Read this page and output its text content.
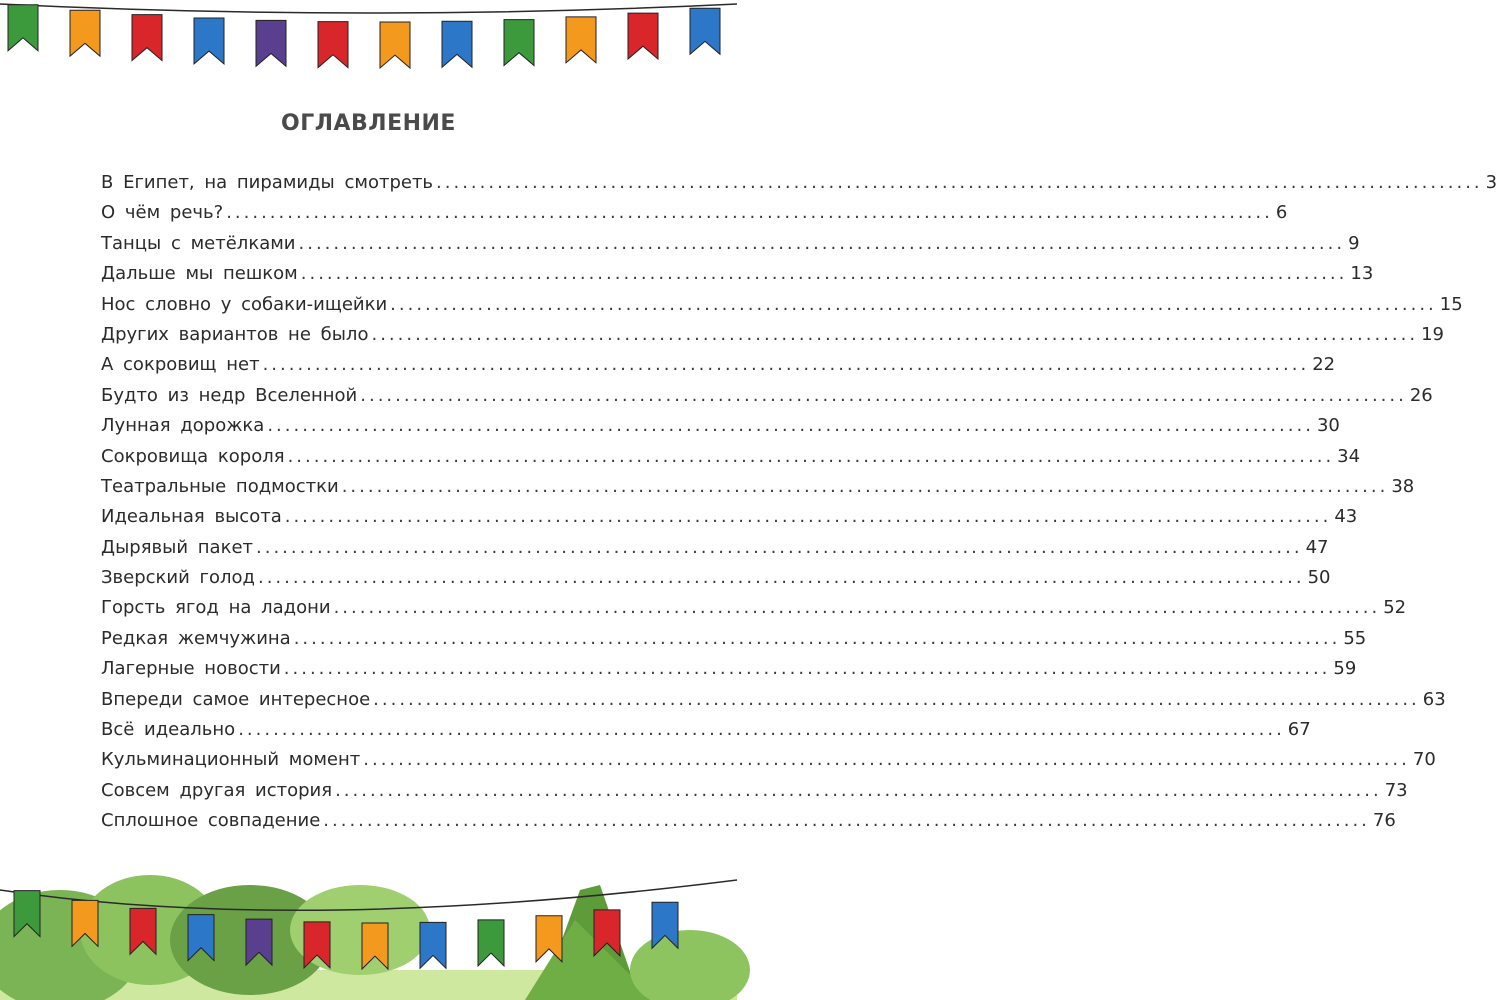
ОГЛАВЛЕНИЕ
В Египет, на пирамиды смотреть ........................................................................................................................ 3
О чём речь? ........................................................................................................................ 6
Танцы с метёлками ........................................................................................................................ 9
Дальше мы пешком ........................................................................................................................ 13
Нос словно у собаки-ищейки ........................................................................................................................ 15
Других вариантов не было ........................................................................................................................ 19
А сокровищ нет ........................................................................................................................ 22
Будто из недр Вселенной ........................................................................................................................ 26
Лунная дорожка ........................................................................................................................ 30
Сокровища короля ........................................................................................................................ 34
Театральные подмостки ........................................................................................................................ 38
Идеальная высота ........................................................................................................................ 43
Дырявый пакет ........................................................................................................................ 47
Зверский голод ........................................................................................................................ 50
Горсть ягод на ладони ........................................................................................................................ 52
Редкая жемчужина ........................................................................................................................ 55
Лагерные новости ........................................................................................................................ 59
Впереди самое интересное ........................................................................................................................ 63
Всё идеально ........................................................................................................................ 67
Кульминационный момент ........................................................................................................................ 70
Совсем другая история ........................................................................................................................ 73
Сплошное совпадение ........................................................................................................................ 76
